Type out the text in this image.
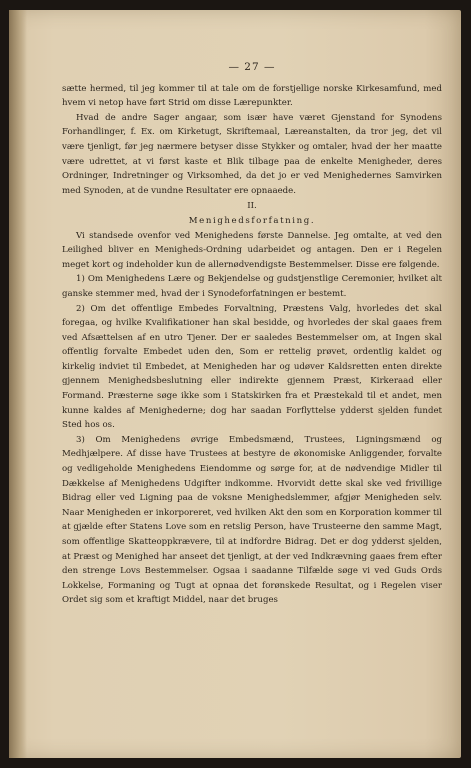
— 27 —

sætte hermed, til jeg kommer til at tale om de forstjellige norske Kirkesamfund, med hvem vi netop have ført Strid om disse Lærepunkter.

Hvad de andre Sager angaar, som især have været Gjenstand for Synodens Forhandlinger, f. Ex. om Kirketugt, Skriftemaal, Læreanstalten, da tror jeg, det vil være tjenligt, før jeg nærmere betyser disse Stykker og omtaler, hvad der her maatte være udrettet, at vi først kaste et Blik tilbage paa de enkelte Menigheder, deres Ordninger, Indretninger og Virksomhed, da det jo er ved Menighedernes Samvirken med Synoden, at de vundne Resultater ere opnaaede.

II.
Menighedsforfatning.

Vi standsede ovenfor ved Menighedens første Dannelse. Jeg omtalte, at ved den Leilighed bliver en Menigheds-Ordning udarbeidet og antagen. Den er i Regelen meget kort og indeholder kun de allernødvendigste Bestemmelser. Disse ere følgende.

1) Om Menighedens Lære og Bekjendelse og gudstjenstlige Ceremonier, hvilket alt ganske stemmer med, hvad der i Synodeforfatningen er bestemt.

2) Om det offentlige Embedes Forvaltning, Præstens Valg, hvorledes det skal foregaa, og hvilke Kvalifikationer han skal besidde, og hvorledes der skal gaaes frem ved Afsættelsen af en utro Tjener. Der er saaledes Bestemmelser om, at Ingen skal offentlig forvalte Embedet uden den, Som er rettelig prøvet, ordentlig kaldet og kirkelig indviet til Embedet, at Menigheden har og udøver Kaldsretten enten direkte gjennem Menighedsbeslutning eller indirekte gjennem Præst, Kirkeraad eller Formand. Præsterne søge ikke som i Statskirken fra et Præstekald til et andet, men kunne kaldes af Menighederne; dog har saadan Forflyttelse ydderst sjelden fundet Sted hos os.

3) Om Menighedens øvrige Embedsmænd, Trustees, Ligningsmænd og Medhjælpere. Af disse have Trustees at bestyre de økonomiske Anliggender, forvalte og vedligeholde Menighedens Eiendomme og sørge for, at de nødvendige Midler til Dækkelse af Menighedens Udgifter indkomme. Hvorvidt dette skal ske ved frivillige Bidrag eller ved Ligning paa de voksne Menighedslemmer, afgjør Menigheden selv. Naar Menigheden er inkorporeret, ved hvilken Akt den som en Korporation kommer til at gjælde efter Statens Love som en retslig Person, have Trusteerne den samme Magt, som offentlige Skatteoppkrævere, til at indfordre Bidrag. Det er dog ydderst sjelden, at Præst og Menighed har anseet det tjenligt, at der ved Indkrævning gaaes frem efter den strenge Lovs Bestemmelser. Ogsaa i saadanne Tilfælde søge vi ved Guds Ords Lokkelse, Formaning og Tugt at opnaa det forønskede Resultat, og i Regelen viser Ordet sig som et kraftigt Middel, naar det bruges
